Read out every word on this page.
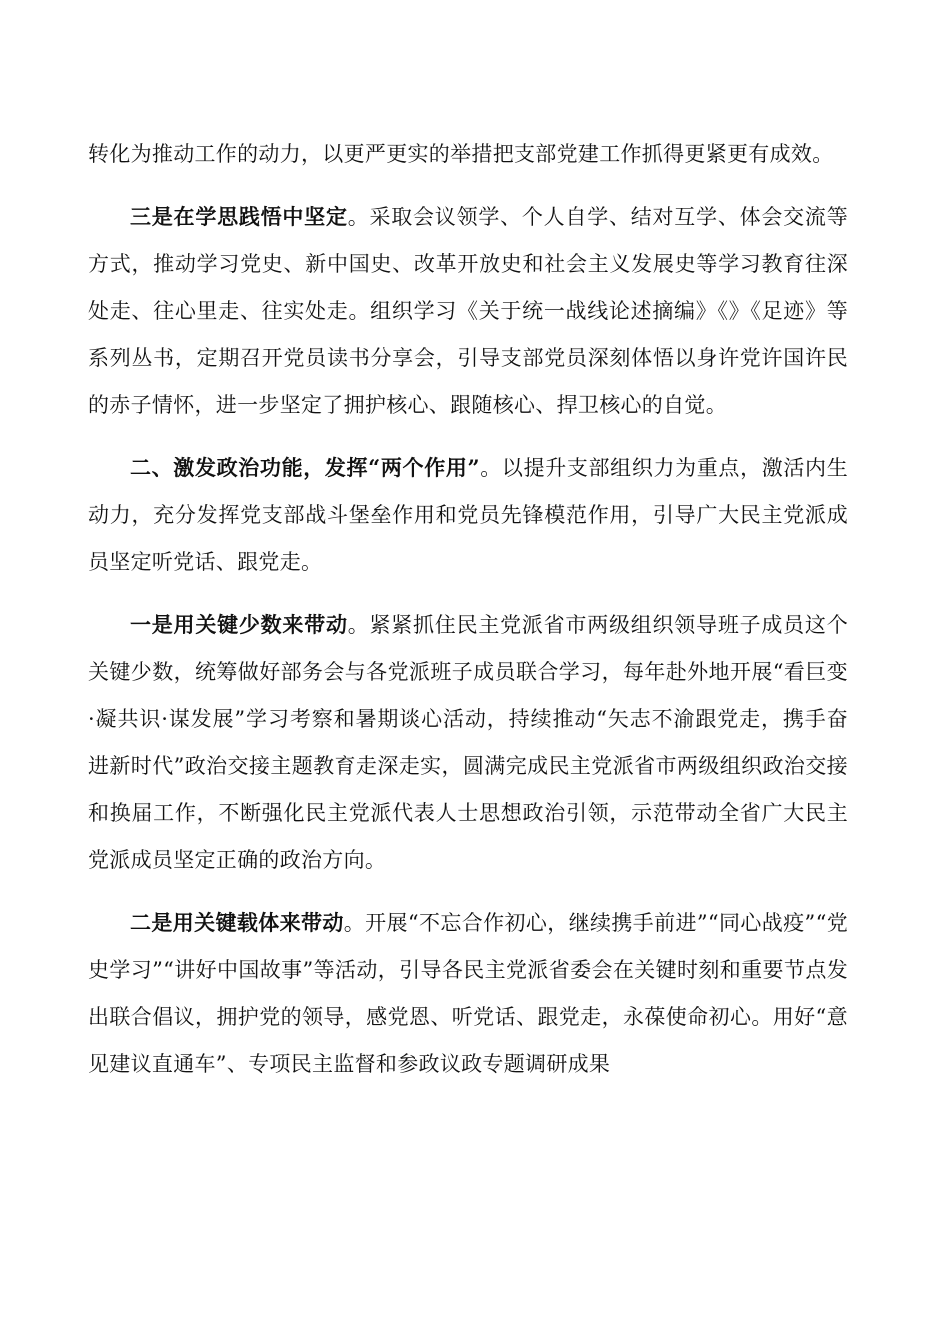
转化为推动工作的动力，以更严更实的举措把支部党建工作抓得更紧更有成效。

三是在学思践悟中坚定。采取会议领学、个人自学、结对互学、体会交流等方式，推动学习党史、新中国史、改革开放史和社会主义发展史等学习教育往深处走、往心里走、往实处走。组织学习《关于统一战线论述摘编》《》《足迹》等系列丛书，定期召开党员读书分享会，引导支部党员深刻体悟以身许党许国许民的赤子情怀，进一步坚定了拥护核心、跟随核心、捍卫核心的自觉。

二、激发政治功能，发挥“两个作用”。以提升支部组织力为重点，激活内生动力，充分发挥党支部战斗堡垒作用和党员先锋模范作用，引导广大民主党派成员坚定听党话、跟党走。

一是用关键少数来带动。紧紧抓住民主党派省市两级组织领导班子成员这个关键少数，统筹做好部务会与各党派班子成员联合学习，每年赴外地开展“看巨变·凝共识·谋发展”学习考察和暑期谈心活动，持续推动“矢志不渝跟党走，携手奋进新时代”政治交接主题教育走深走实，圆满完成民主党派省市两级组织政治交接和换届工作，不断强化民主党派代表人士思想政治引领，示范带动全省广大民主党派成员坚定正确的政治方向。

二是用关键载体来带动。开展“不忘合作初心，继续携手前进”“同心战疫”“党史学习”“讲好中国故事”等活动，引导各民主党派省委会在关键时刻和重要节点发出联合倡议，拥护党的领导，感党恩、听党话、跟党走，永葆使命初心。用好“意见建议直通车”、专项民主监督和参政议政专题调研成果
